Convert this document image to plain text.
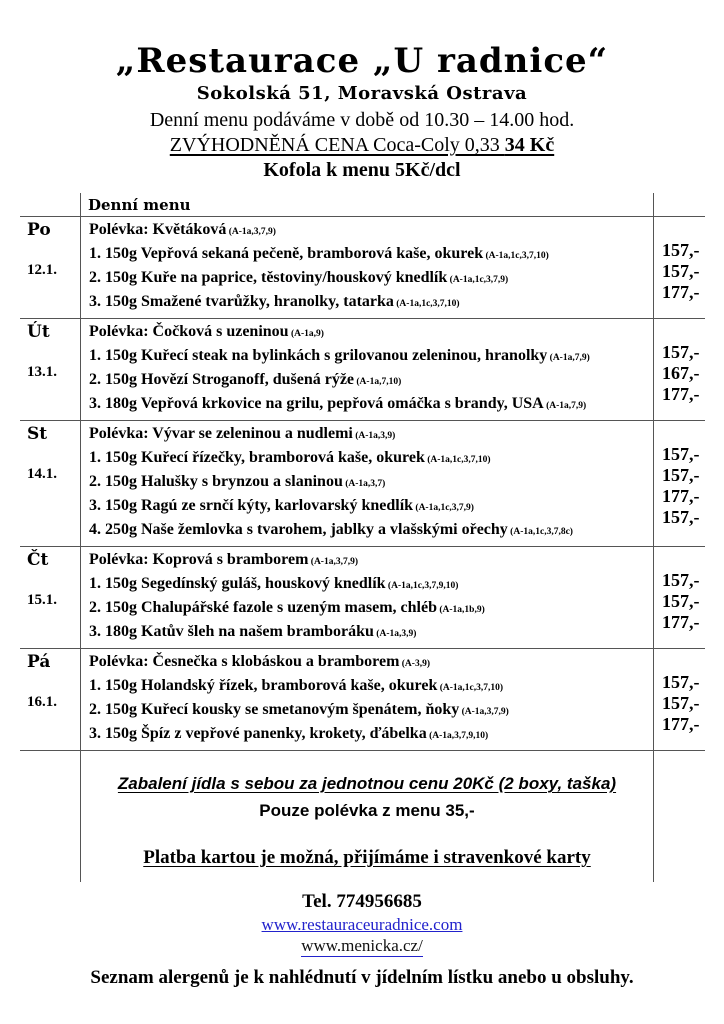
„Restaurace „U radnice“
Sokolská 51, Moravská Ostrava
Denní menu podáváme v době od 10.30 – 14.00 hod.
ZVÝHODNĚNÁ CENA Coca-Coly 0,33 34 Kč
Kofola k menu 5Kč/dcl
Denní menu
Po
12.1.
Polévka: Květáková (A-1a,3,7,9)
1. 150g Vepřová sekaná pečeně, bramborová kaše, okurek (A-1a,1c,3,7,10)
2. 150g Kuře na paprice, těstoviny/houskový knedlík (A-1a,1c,3,7,9)
3. 150g Smažené tvarůžky, hranolky, tatarka (A-1a,1c,3,7,10)
157,-
157,-
177,-
Út
13.1.
Polévka: Čočková s uzeninou (A-1a,9)
1. 150g Kuřecí steak na bylinkách s grilovanou zeleninou, hranolky (A-1a,7,9)
2. 150g Hovězí Stroganoff, dušená rýže (A-1a,7,10)
3. 180g Vepřová krkovice na grilu, pepřová omáčka s brandy, USA (A-1a,7,9)
157,-
167,-
177,-
St
14.1.
Polévka: Vývar se zeleninou a nudlemi (A-1a,3,9)
1. 150g Kuřecí řízečky, bramborová kaše, okurek (A-1a,1c,3,7,10)
2. 150g Halušky s brynzou a slaninou (A-1a,3,7)
3. 150g Ragú ze srnčí kýty, karlovarský knedlík (A-1a,1c,3,7,9)
4. 250g Naše žemlovka s tvarohem, jablky a vlašskými ořechy (A-1a,1c,3,7,8c)
157,-
157,-
177,-
157,-
Čt
15.1.
Polévka: Koprová s bramborem (A-1a,3,7,9)
1. 150g Segedínský guláš, houskový knedlík (A-1a,1c,3,7,9,10)
2. 150g Chalupářské fazole s uzeným masem, chléb (A-1a,1b,9)
3. 180g Katův šleh na našem bramboráku (A-1a,3,9)
157,-
157,-
177,-
Pá
16.1.
Polévka: Česnečka s klobáskou a bramborem (A-3,9)
1. 150g Holandský řízek, bramborová kaše, okurek (A-1a,1c,3,7,10)
2. 150g Kuřecí kousky se smetanovým špenátem, ňoky (A-1a,3,7,9)
3. 150g Špíz z vepřové panenky, krokety, ďábelka (A-1a,3,7,9,10)
157,-
157,-
177,-
Zabalení jídla s sebou za jednotnou cenu 20Kč (2 boxy, taška)
Pouze polévka z menu 35,-
Platba kartou je možná, přijímáme i stravenkové karty
Tel. 774956685
www.restauraceuradnice.com
www.menicka.cz/
Seznam alergenů je k nahlédnutí v jídelním lístku anebo u obsluhy.
